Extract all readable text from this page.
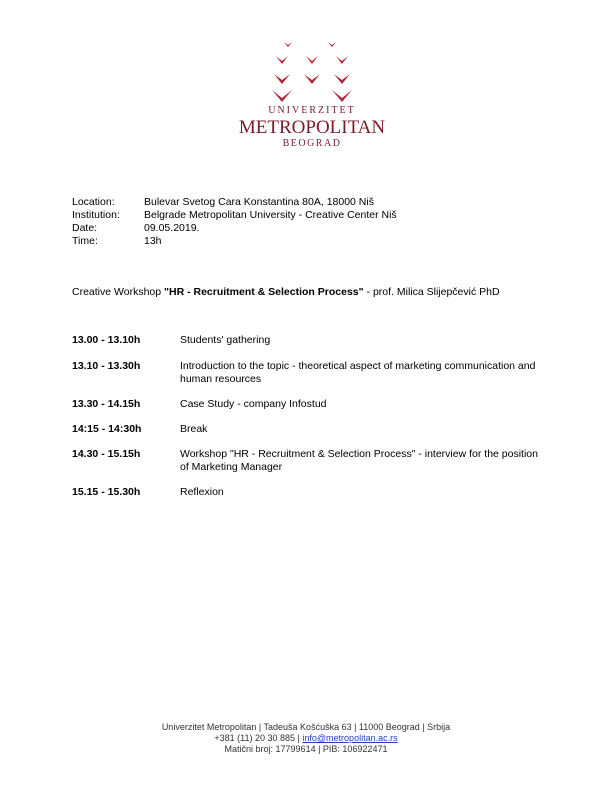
UNIVERZITET
METROPOLITAN
BEOGRAD
Location:	Bulevar Svetog Cara Konstantina 80A, 18000 Niš
Institution:	Belgrade Metropolitan University - Creative Center Niš
Date:	09.05.2019.
Time:	13h
Creative Workshop "HR - Recruitment & Selection Process" - prof. Milica Slijepčević PhD
13.00 - 13.10h	Students' gathering
13.10 - 13.30h	Introduction to the topic - theoretical aspect of marketing communication and human resources
13.30 - 14.15h	Case Study - company Infostud
14:15 - 14:30h	Break
14.30 - 15.15h	Workshop "HR - Recruitment & Selection Process" - interview for the position of Marketing Manager
15.15 - 15.30h	Reflexion
Univerzitet Metropolitan | Tadeuša Košćuška 63 | 11000 Beograd | Srbija
+381 (11) 20 30 885 | info@metropolitan.ac.rs
Matični broj: 17799614 | PIB: 106922471
